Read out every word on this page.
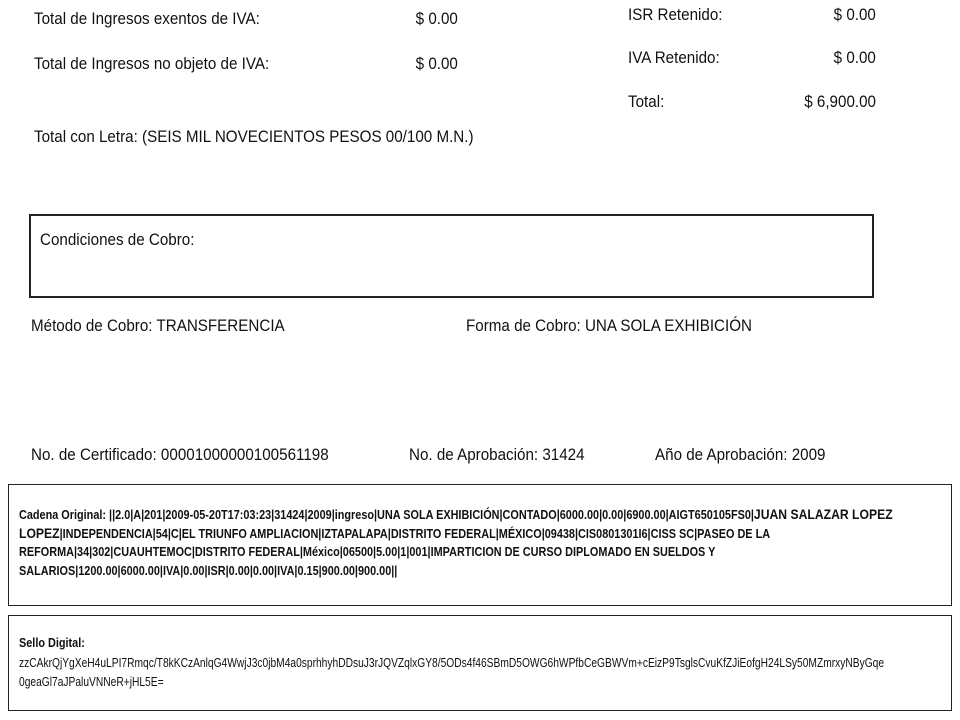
Total de Ingresos exentos de IVA:	$ 0.00
Total de Ingresos no objeto de IVA:	$ 0.00
ISR Retenido:	$ 0.00
IVA Retenido:	$ 0.00
Total:	$ 6,900.00
Total con Letra: (SEIS MIL NOVECIENTOS PESOS 00/100 M.N.)
Condiciones de Cobro:
Método de Cobro: TRANSFERENCIA	Forma de Cobro: UNA SOLA EXHIBICIÓN
No. de Certificado: 00001000000100561198	No. de Aprobación: 31424	Año de Aprobación: 2009
Cadena Original: ||2.0|A|201|2009-05-20T17:03:23|31424|2009|ingreso|UNA SOLA EXHIBICIÓN|CONTADO|6000.00|0.00|6900.00|AIGT650105FS0|JUAN SALAZAR LOPEZ
LOPEZ|INDEPENDENCIA|54|C|EL TRIUNFO AMPLIACION|IZTAPALAPA|DISTRITO FEDERAL|MÉXICO|09438|CIS0801301I6|CISS SC|PASEO DE LA
REFORMA|34|302|CUAUHTEMOC|DISTRITO FEDERAL|México|06500|5.00|1|001|IMPARTICION DE CURSO DIPLOMADO EN SUELDOS Y
SALARIOS|1200.00|6000.00|IVA|0.00|ISR|0.00|0.00|IVA|0.15|900.00|900.00||
Sello Digital:
zzCAkrQjYgXeH4uLPI7Rmqc/T8kKCzAnlqG4WwjJ3c0jbM4a0sprhhyhDDsuJ3rJQVZqlxGY8/5ODs4f46SBmD5OWG6hWPfbCeGBWVm+cEizP9TsglsCvuKfZJiEofgH24LSy50MZmrxyNByGqe
0geaGl7aJPaluVNNeR+jHL5E=
